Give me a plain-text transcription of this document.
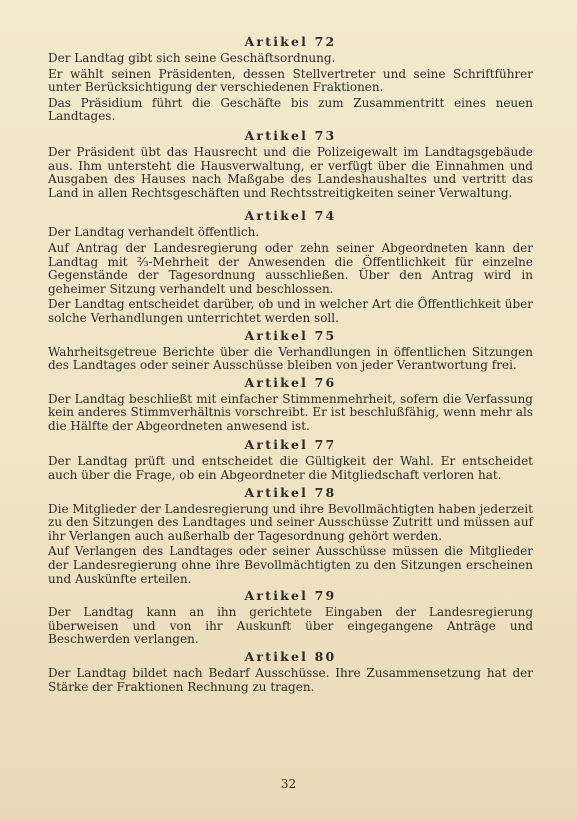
Artikel 72

Der Landtag gibt sich seine Geschäftsordnung.

Er wählt seinen Präsidenten, dessen Stellvertreter und seine Schriftführer unter Berücksichtigung der verschiedenen Fraktionen.

Das Präsidium führt die Geschäfte bis zum Zusammentritt eines neuen Landtages.

Artikel 73

Der Präsident übt das Hausrecht und die Polizeigewalt im Landtagsgebäude aus. Ihm untersteht die Hausverwaltung, er verfügt über die Einnahmen und Ausgaben des Hauses nach Maßgabe des Landeshaushaltes und vertritt das Land in allen Rechtsgeschäften und Rechtsstreitigkeiten seiner Verwaltung.

Artikel 74

Der Landtag verhandelt öffentlich.

Auf Antrag der Landesregierung oder zehn seiner Abgeordneten kann der Landtag mit ⅔-Mehrheit der Anwesenden die Öffentlichkeit für einzelne Gegenstände der Tagesordnung ausschließen. Über den Antrag wird in geheimer Sitzung verhandelt und beschlossen.

Der Landtag entscheidet darüber, ob und in welcher Art die Öffentlichkeit über solche Verhandlungen unterrichtet werden soll.

Artikel 75

Wahrheitsgetreue Berichte über die Verhandlungen in öffentlichen Sitzungen des Landtages oder seiner Ausschüsse bleiben von jeder Verantwortung frei.

Artikel 76

Der Landtag beschließt mit einfacher Stimmenmehrheit, sofern die Verfassung kein anderes Stimmverhältnis vorschreibt. Er ist beschlußfähig, wenn mehr als die Hälfte der Abgeordneten anwesend ist.

Artikel 77

Der Landtag prüft und entscheidet die Gültigkeit der Wahl. Er entscheidet auch über die Frage, ob ein Abgeordneter die Mitgliedschaft verloren hat.

Artikel 78

Die Mitglieder der Landesregierung und ihre Bevollmächtigten haben jederzeit zu den Sitzungen des Landtages und seiner Ausschüsse Zutritt und müssen auf ihr Verlangen auch außerhalb der Tagesordnung gehört werden.

Auf Verlangen des Landtages oder seiner Ausschüsse müssen die Mitglieder der Landesregierung ohne ihre Bevollmächtigten zu den Sitzungen erscheinen und Auskünfte erteilen.

Artikel 79

Der Landtag kann an ihn gerichtete Eingaben der Landesregierung überweisen und von ihr Auskunft über eingegangene Anträge und Beschwerden verlangen.

Artikel 80

Der Landtag bildet nach Bedarf Ausschüsse. Ihre Zusammensetzung hat der Stärke der Fraktionen Rechnung zu tragen.

32
